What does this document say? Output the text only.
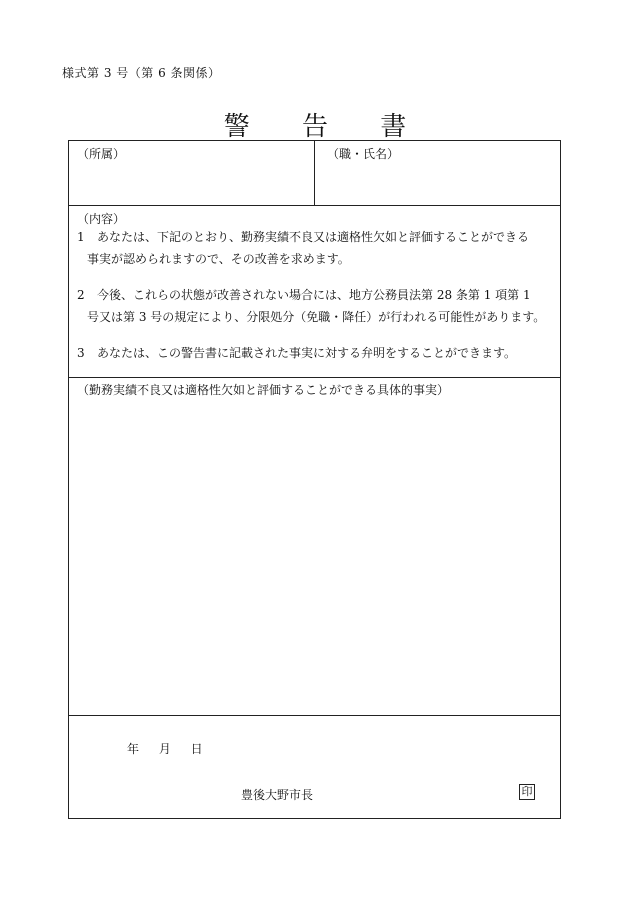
様式第 3 号（第 6 条関係）
警 告 書
（所属）	（職・氏名）
（内容）
1 あなたは、下記のとおり、勤務実績不良又は適格性欠如と評価することができる
事実が認められますので、その改善を求めます。
2 今後、これらの状態が改善されない場合には、地方公務員法第 28 条第 1 項第 1
号又は第 3 号の規定により、分限処分（免職・降任）が行われる可能性があります。
3 あなたは、この警告書に記載された事実に対する弁明をすることができます。
（勤務実績不良又は適格性欠如と評価することができる具体的事実）
年 月 日
豊後大野市長	印
